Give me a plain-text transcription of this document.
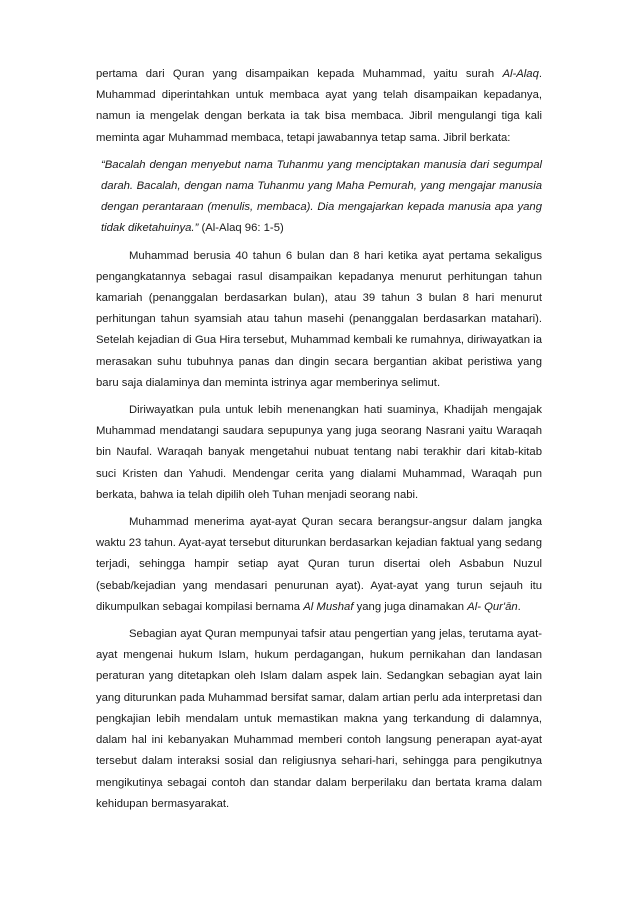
pertama dari Quran yang disampaikan kepada Muhammad, yaitu surah Al-Alaq. Muhammad diperintahkan untuk membaca ayat yang telah disampaikan kepadanya, namun ia mengelak dengan berkata ia tak bisa membaca. Jibril mengulangi tiga kali meminta agar Muhammad membaca, tetapi jawabannya tetap sama. Jibril berkata:

“Bacalah dengan menyebut nama Tuhanmu yang menciptakan manusia dari segumpal darah. Bacalah, dengan nama Tuhanmu yang Maha Pemurah, yang mengajar manusia dengan perantaraan (menulis, membaca). Dia mengajarkan kepada manusia apa yang tidak diketahuinya.” (Al-Alaq 96: 1-5)

Muhammad berusia 40 tahun 6 bulan dan 8 hari ketika ayat pertama sekaligus pengangkatannya sebagai rasul disampaikan kepadanya menurut perhitungan tahun kamariah (penanggalan berdasarkan bulan), atau 39 tahun 3 bulan 8 hari menurut perhitungan tahun syamsiah atau tahun masehi (penanggalan berdasarkan matahari). Setelah kejadian di Gua Hira tersebut, Muhammad kembali ke rumahnya, diriwayatkan ia merasakan suhu tubuhnya panas dan dingin secara bergantian akibat peristiwa yang baru saja dialaminya dan meminta istrinya agar memberinya selimut.

Diriwayatkan pula untuk lebih menenangkan hati suaminya, Khadijah mengajak Muhammad mendatangi saudara sepupunya yang juga seorang Nasrani yaitu Waraqah bin Naufal. Waraqah banyak mengetahui nubuat tentang nabi terakhir dari kitab-kitab suci Kristen dan Yahudi. Mendengar cerita yang dialami Muhammad, Waraqah pun berkata, bahwa ia telah dipilih oleh Tuhan menjadi seorang nabi.

Muhammad menerima ayat-ayat Quran secara berangsur-angsur dalam jangka waktu 23 tahun. Ayat-ayat tersebut diturunkan berdasarkan kejadian faktual yang sedang terjadi, sehingga hampir setiap ayat Quran turun disertai oleh Asbabun Nuzul (sebab/kejadian yang mendasari penurunan ayat). Ayat-ayat yang turun sejauh itu dikumpulkan sebagai kompilasi bernama Al Mushaf yang juga dinamakan Al- Qur'ān.

Sebagian ayat Quran mempunyai tafsir atau pengertian yang jelas, terutama ayat-ayat mengenai hukum Islam, hukum perdagangan, hukum pernikahan dan landasan peraturan yang ditetapkan oleh Islam dalam aspek lain. Sedangkan sebagian ayat lain yang diturunkan pada Muhammad bersifat samar, dalam artian perlu ada interpretasi dan pengkajian lebih mendalam untuk memastikan makna yang terkandung di dalamnya, dalam hal ini kebanyakan Muhammad memberi contoh langsung penerapan ayat-ayat tersebut dalam interaksi sosial dan religiusnya sehari-hari, sehingga para pengikutnya mengikutinya sebagai contoh dan standar dalam berperilaku dan bertata krama dalam kehidupan bermasyarakat.
